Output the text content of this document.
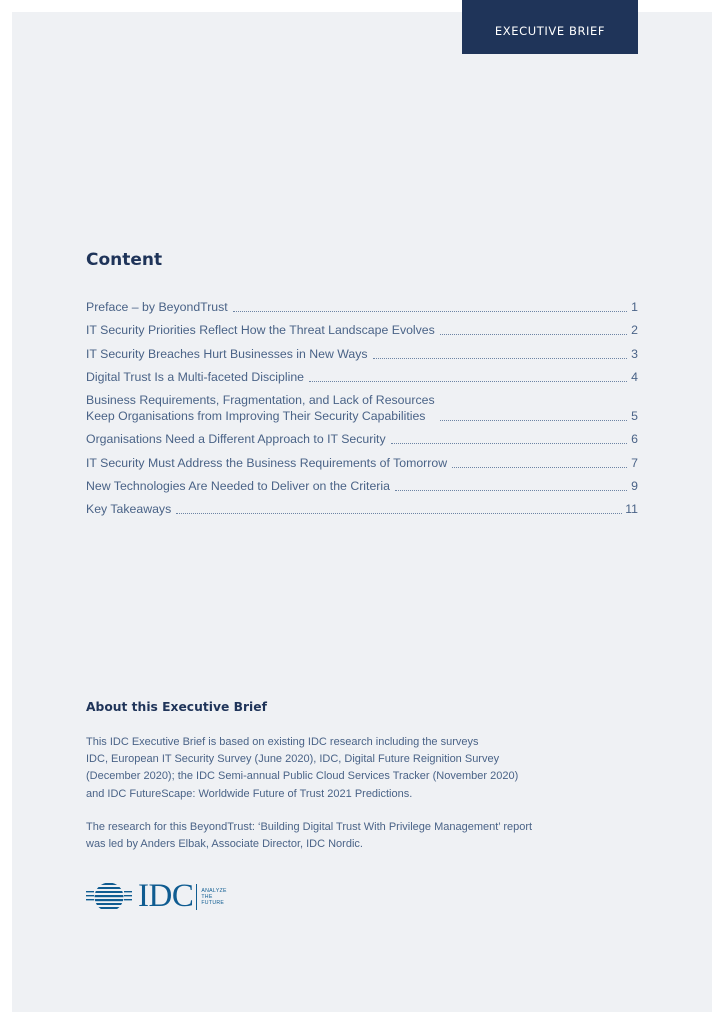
EXECUTIVE BRIEF
Content
Preface – by BeyondTrust	1
IT Security Priorities Reflect How the Threat Landscape Evolves	2
IT Security Breaches Hurt Businesses in New Ways	3
Digital Trust Is a Multi-faceted Discipline	4
Business Requirements, Fragmentation, and Lack of Resources
Keep Organisations from Improving Their Security Capabilities	5
Organisations Need a Different Approach to IT Security	6
IT Security Must Address the Business Requirements of Tomorrow	7
New Technologies Are Needed to Deliver on the Criteria	9
Key Takeaways	11
About this Executive Brief

This IDC Executive Brief is based on existing IDC research including the surveys
IDC, European IT Security Survey (June 2020), IDC, Digital Future Reignition Survey
(December 2020); the IDC Semi-annual Public Cloud Services Tracker (November 2020)
and IDC FutureScape: Worldwide Future of Trust 2021 Predictions.

The research for this BeyondTrust: ‘Building Digital Trust With Privilege Management’ report
was led by Anders Elbak, Associate Director, IDC Nordic.

IDC ANALYZE
THE
FUTURE
